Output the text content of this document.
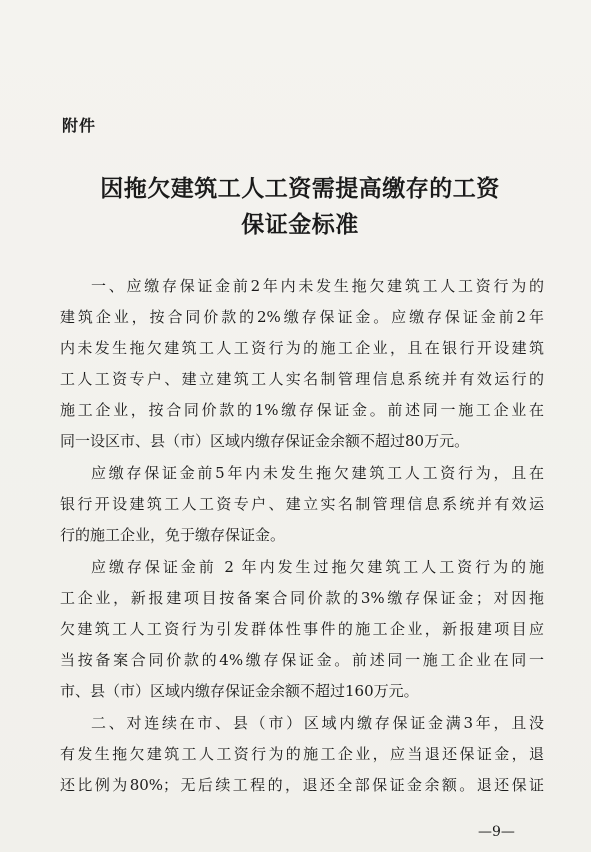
附件
因拖欠建筑工人工资需提高缴存的工资
保证金标准
一、应缴存保证金前2年内未发生拖欠建筑工人工资行为的
建筑企业，按合同价款的2%缴存保证金。应缴存保证金前2年
内未发生拖欠建筑工人工资行为的施工企业，且在银行开设建筑
工人工资专户、建立建筑工人实名制管理信息系统并有效运行的
施工企业，按合同价款的1%缴存保证金。前述同一施工企业在
同一设区市、县（市）区域内缴存保证金余额不超过80万元。
应缴存保证金前5年内未发生拖欠建筑工人工资行为，且在
银行开设建筑工人工资专户、建立实名制管理信息系统并有效运
行的施工企业，免于缴存保证金。
应缴存保证金前 2 年内发生过拖欠建筑工人工资行为的施
工企业，新报建项目按备案合同价款的3%缴存保证金；对因拖
欠建筑工人工资行为引发群体性事件的施工企业，新报建项目应
当按备案合同价款的4%缴存保证金。前述同一施工企业在同一
市、县（市）区域内缴存保证金余额不超过160万元。
二、对连续在市、县（市）区域内缴存保证金满3年，且没
有发生拖欠建筑工人工资行为的施工企业，应当退还保证金，退
还比例为80%；无后续工程的，退还全部保证金余额。退还保证
—9—
